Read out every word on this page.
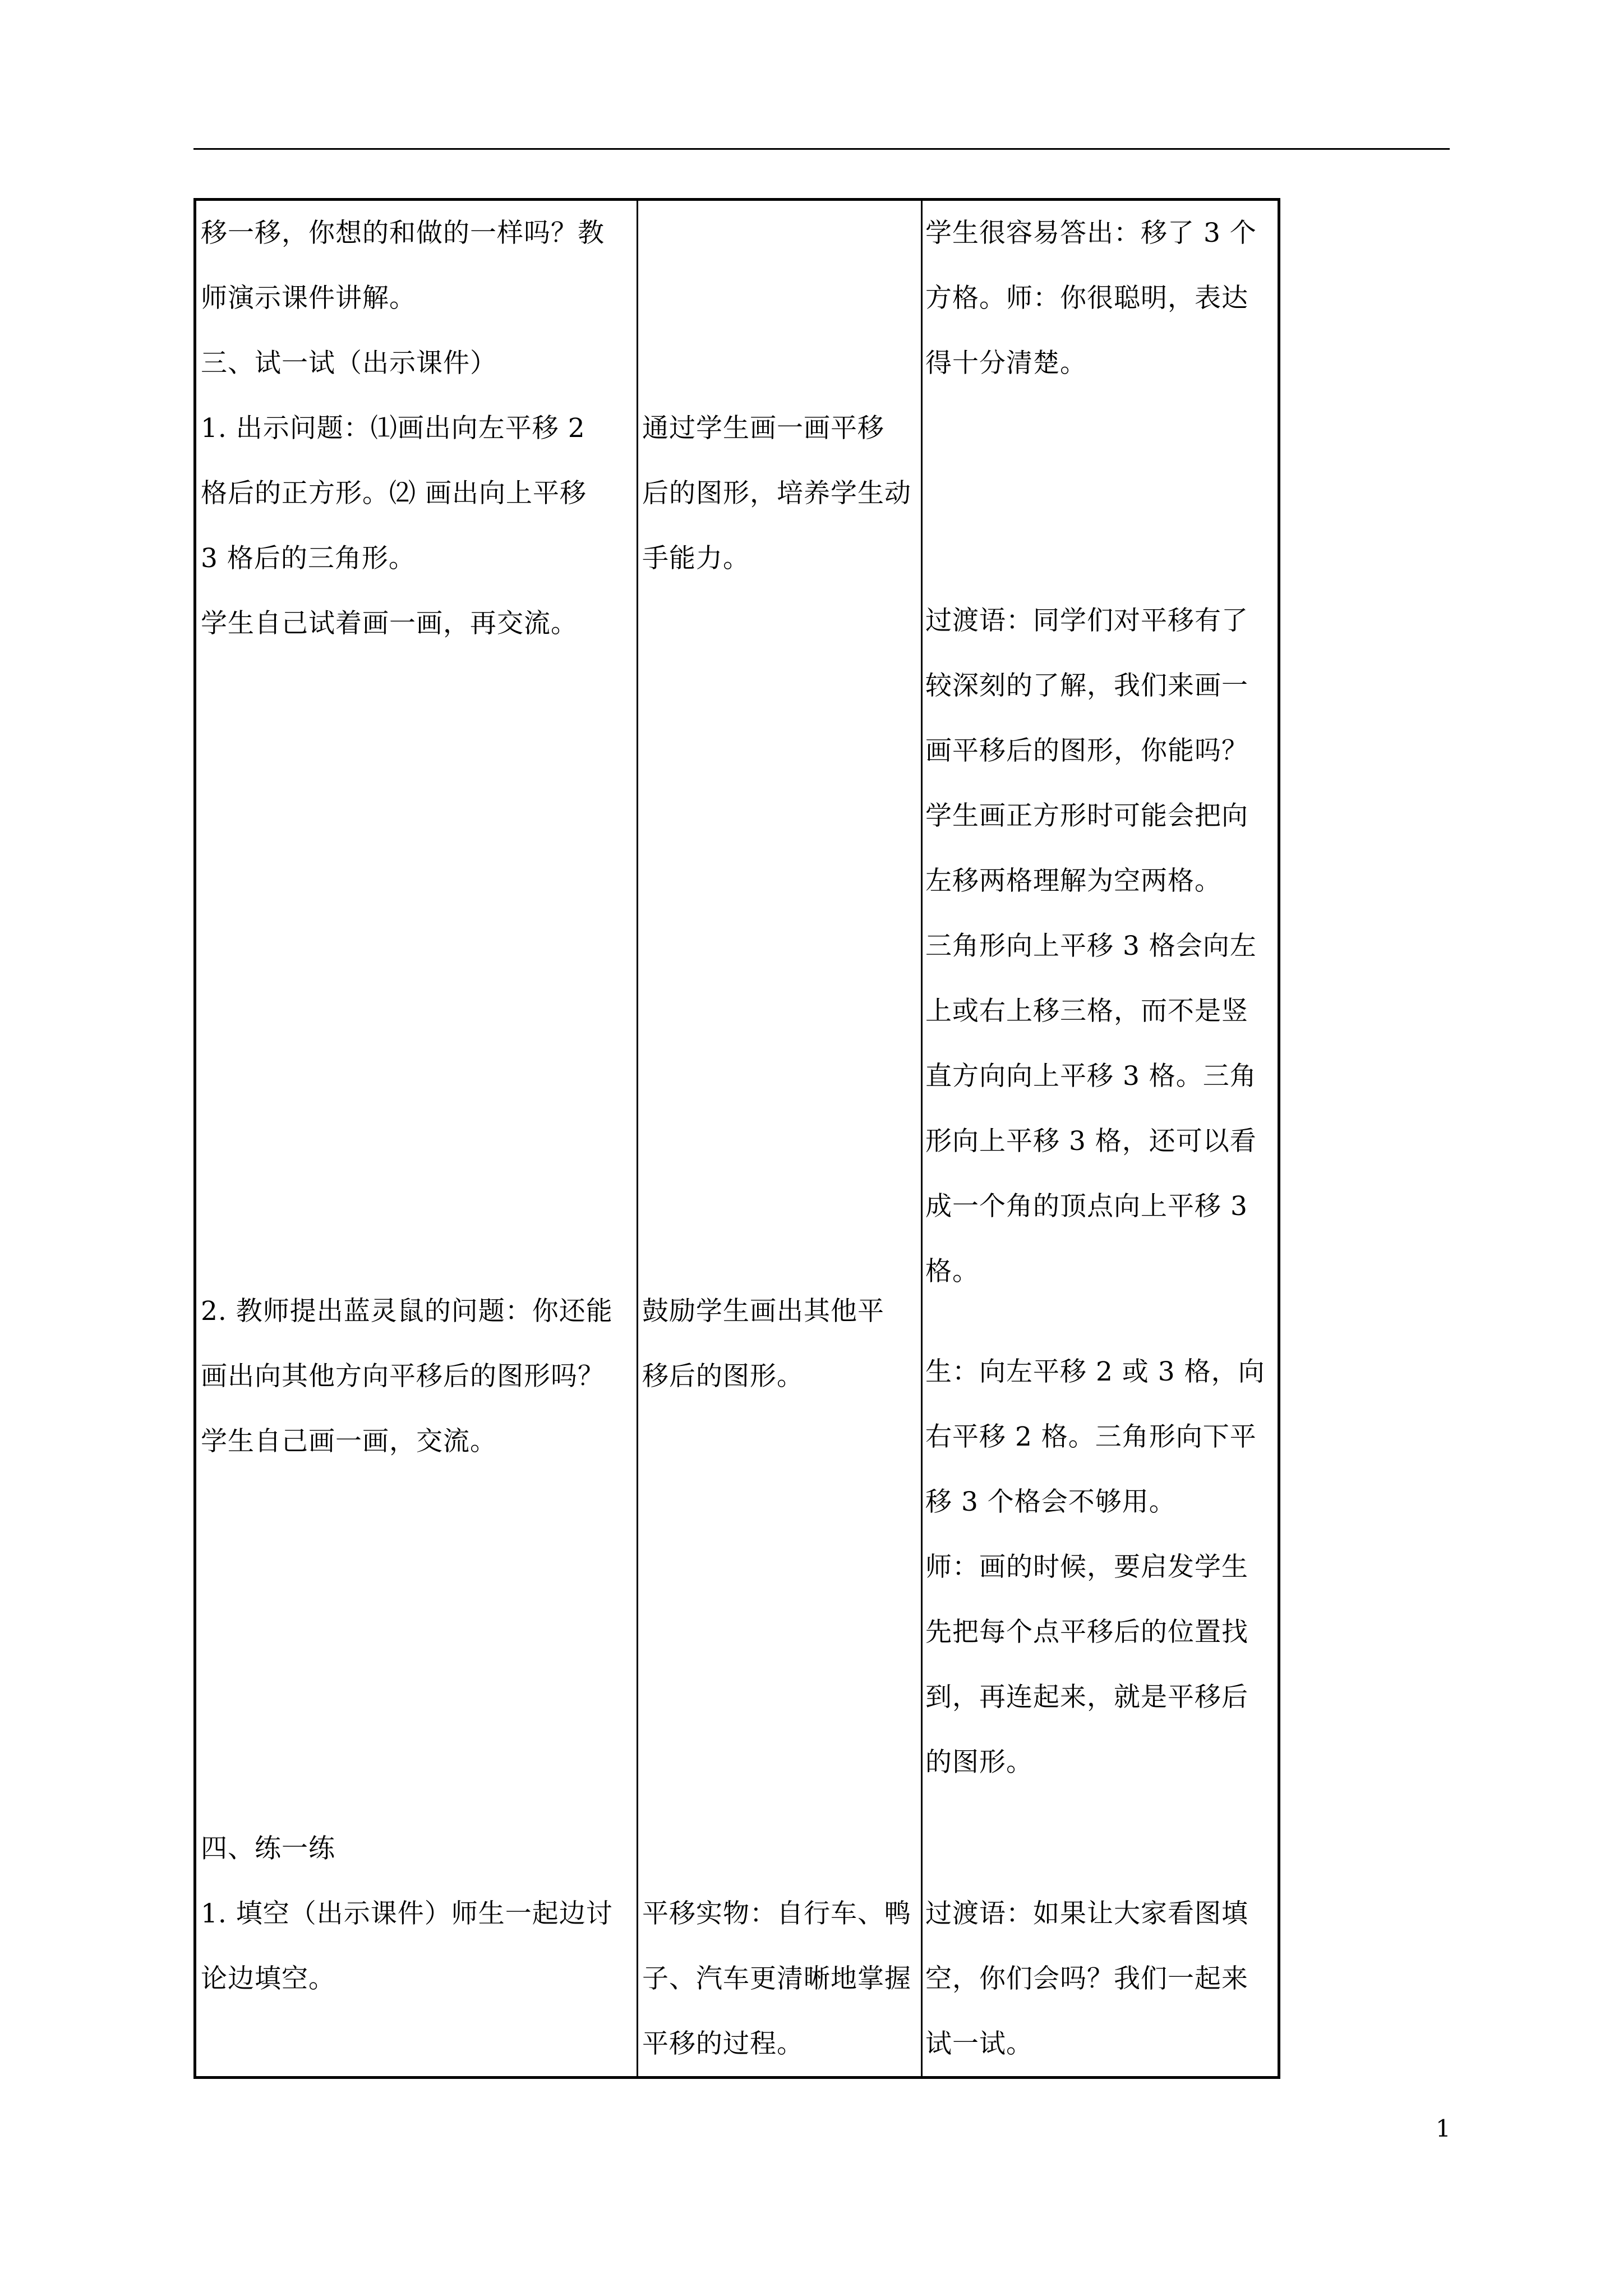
移一移，你想的和做的一样吗？教
师演示课件讲解。
三、试一试（出示课件）
1. 出示问题：⑴画出向左平移 2
格后的正方形。⑵ 画出向上平移
3 格后的三角形。
学生自己试着画一画，再交流。
2. 教师提出蓝灵鼠的问题：你还能
画出向其他方向平移后的图形吗？
学生自己画一画，交流。
四、练一练
1. 填空（出示课件）师生一起边讨
论边填空。
通过学生画一画平移
后的图形，培养学生动
手能力。
鼓励学生画出其他平
移后的图形。
平移实物：自行车、鸭
子、汽车更清晰地掌握
平移的过程。
学生很容易答出：移了 3 个
方格。师：你很聪明，表达
得十分清楚。
过渡语：同学们对平移有了
较深刻的了解，我们来画一
画平移后的图形，你能吗？
学生画正方形时可能会把向
左移两格理解为空两格。
三角形向上平移 3 格会向左
上或右上移三格，而不是竖
直方向向上平移 3 格。三角
形向上平移 3 格，还可以看
成一个角的顶点向上平移 3
格。
生：向左平移 2 或 3 格，向
右平移 2 格。三角形向下平
移 3 个格会不够用。
师：画的时候，要启发学生
先把每个点平移后的位置找
到，再连起来，就是平移后
的图形。
过渡语：如果让大家看图填
空，你们会吗？我们一起来
试一试。
1
